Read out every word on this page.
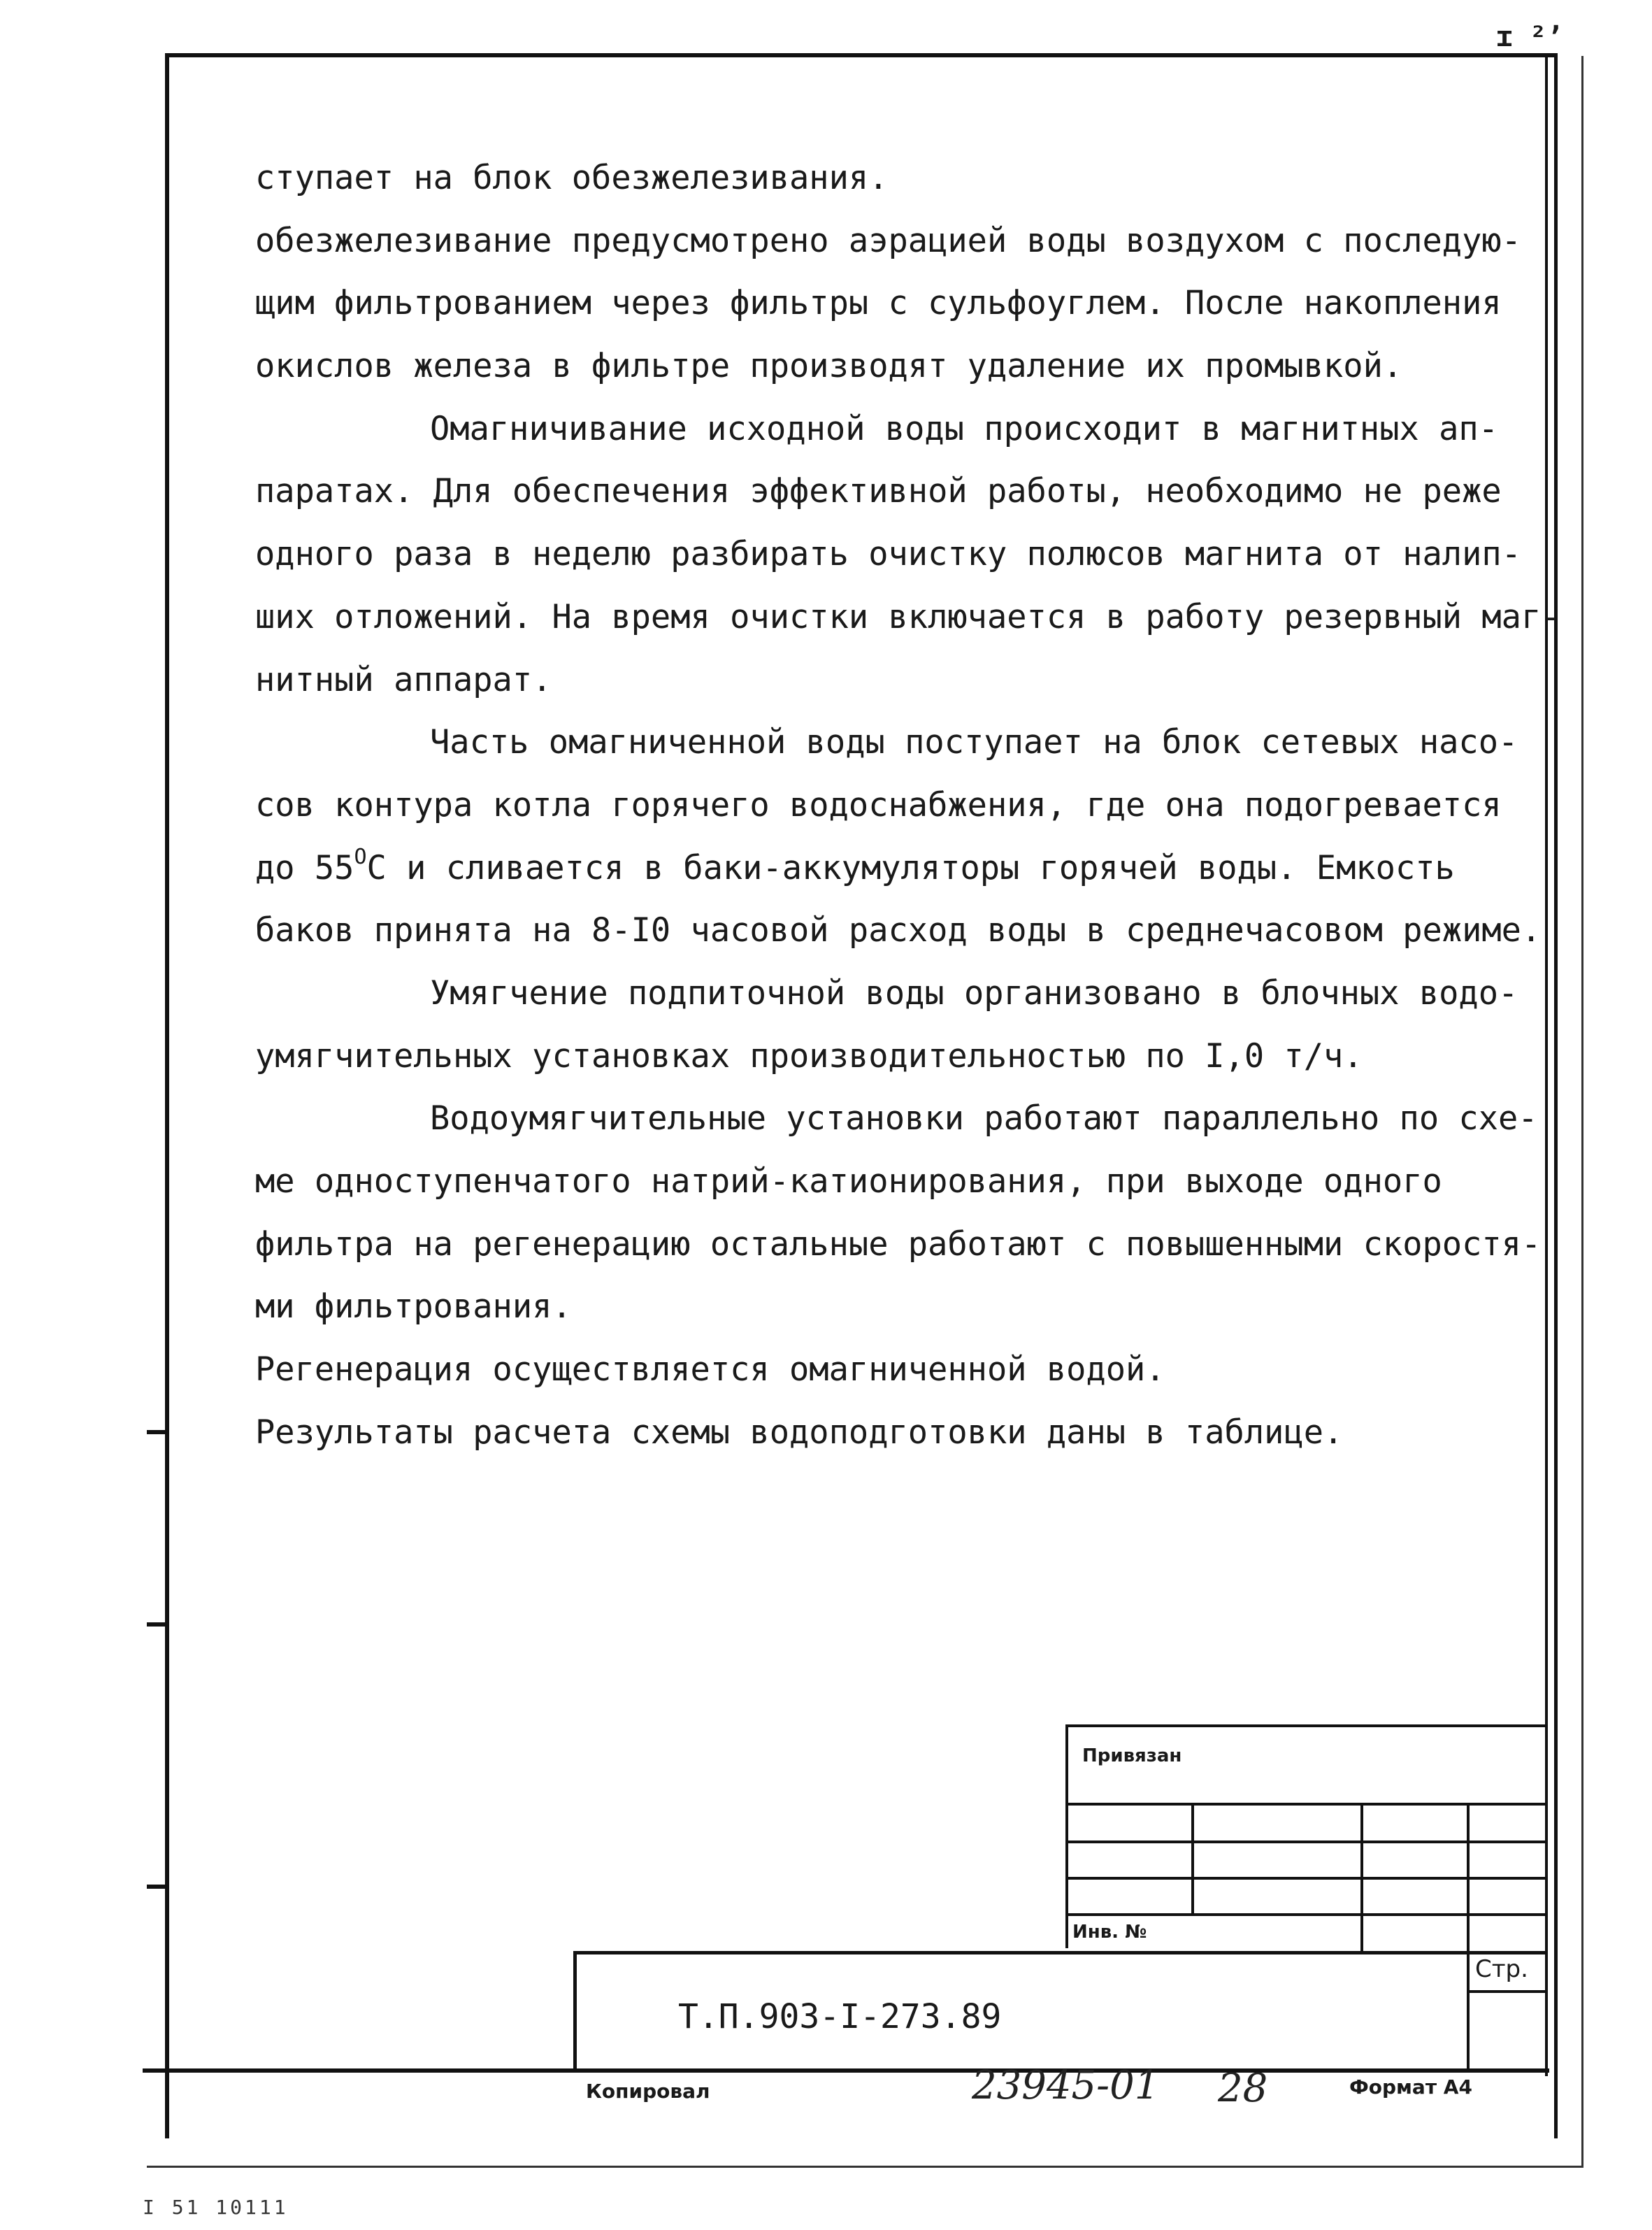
ɪ ²ʼ
ступает на блок обезжелезивания.
обезжелезивание предусмотрено аэрацией воды воздухом с последую-
щим фильтрованием через фильтры с сульфоуглем. После накопления
окислов железа в фильтре производят удаление их промывкой.
Омагничивание исходной воды происходит в магнитных ап-
паратах. Для обеспечения эффективной работы, необходимо не реже
одного раза в неделю разбирать очистку полюсов магнита от налип-
ших отложений. На время очистки включается в работу резервный маг-
нитный аппарат.
Часть омагниченной воды поступает на блок сетевых насо-
сов контура котла горячего водоснабжения, где она подогревается
до $55^OС$ и сливается в баки-аккумуляторы горячей воды. Емкость
баков принята на 8-I0 часовой расход воды в среднечасовом режиме.
Умягчение подпиточной воды организовано в блочных водо-
умягчительных установках производительностью по I,0 т/ч.
Водоумягчительные установки работают параллельно по схе-
ме одноступенчатого натрий-катионирования, при выходе одного
фильтра на регенерацию остальные работают с повышенными скоростя-
ми фильтрования.
Регенерация осуществляется омагниченной водой.
Результаты расчета схемы водоподготовки даны в таблице.
Привязан
Инв. №
Стр.
Т.П.903-I-273.89
Копировал	23945-01 28	Формат А4
I 51 10111
